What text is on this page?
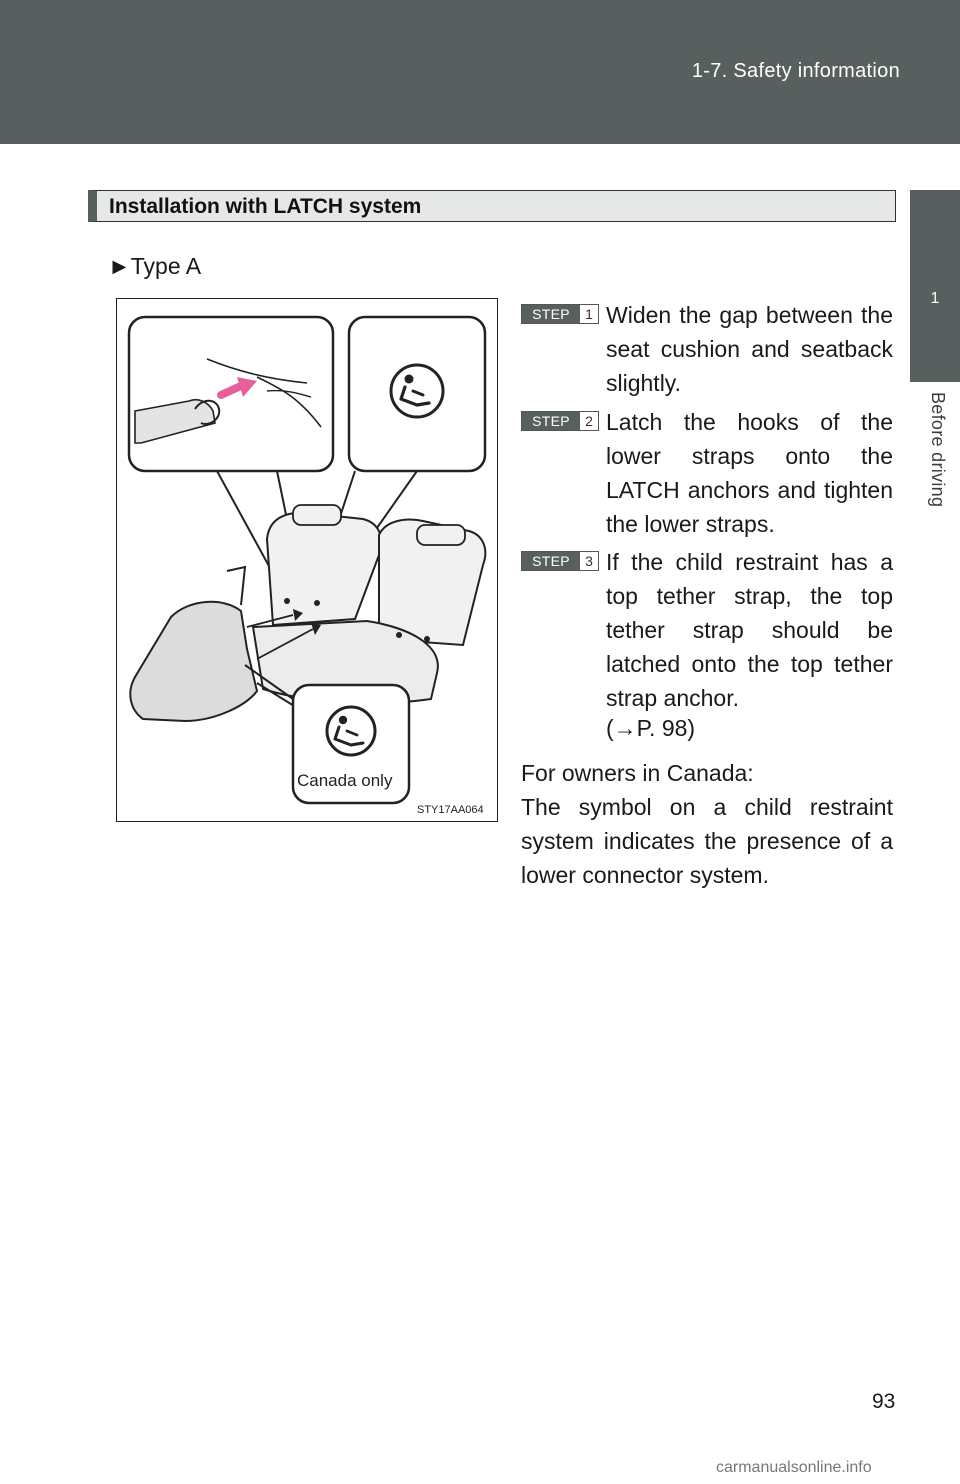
1-7. Safety information
1
Before driving
Installation with LATCH system
►Type A
Canada only
STY17AA064
STEP	1 Widen the gap between the seat cushion and seatback slightly.
STEP	2 Latch the hooks of the lower straps onto the LATCH anchors and tighten the lower straps.
STEP	3 If the child restraint has a top tether strap, the top tether strap should be latched onto the top tether strap anchor.
(→P. 98)

For owners in Canada:

The symbol on a child restraint system indicates the presence of a lower connector system.

93
carmanualsonline.info
